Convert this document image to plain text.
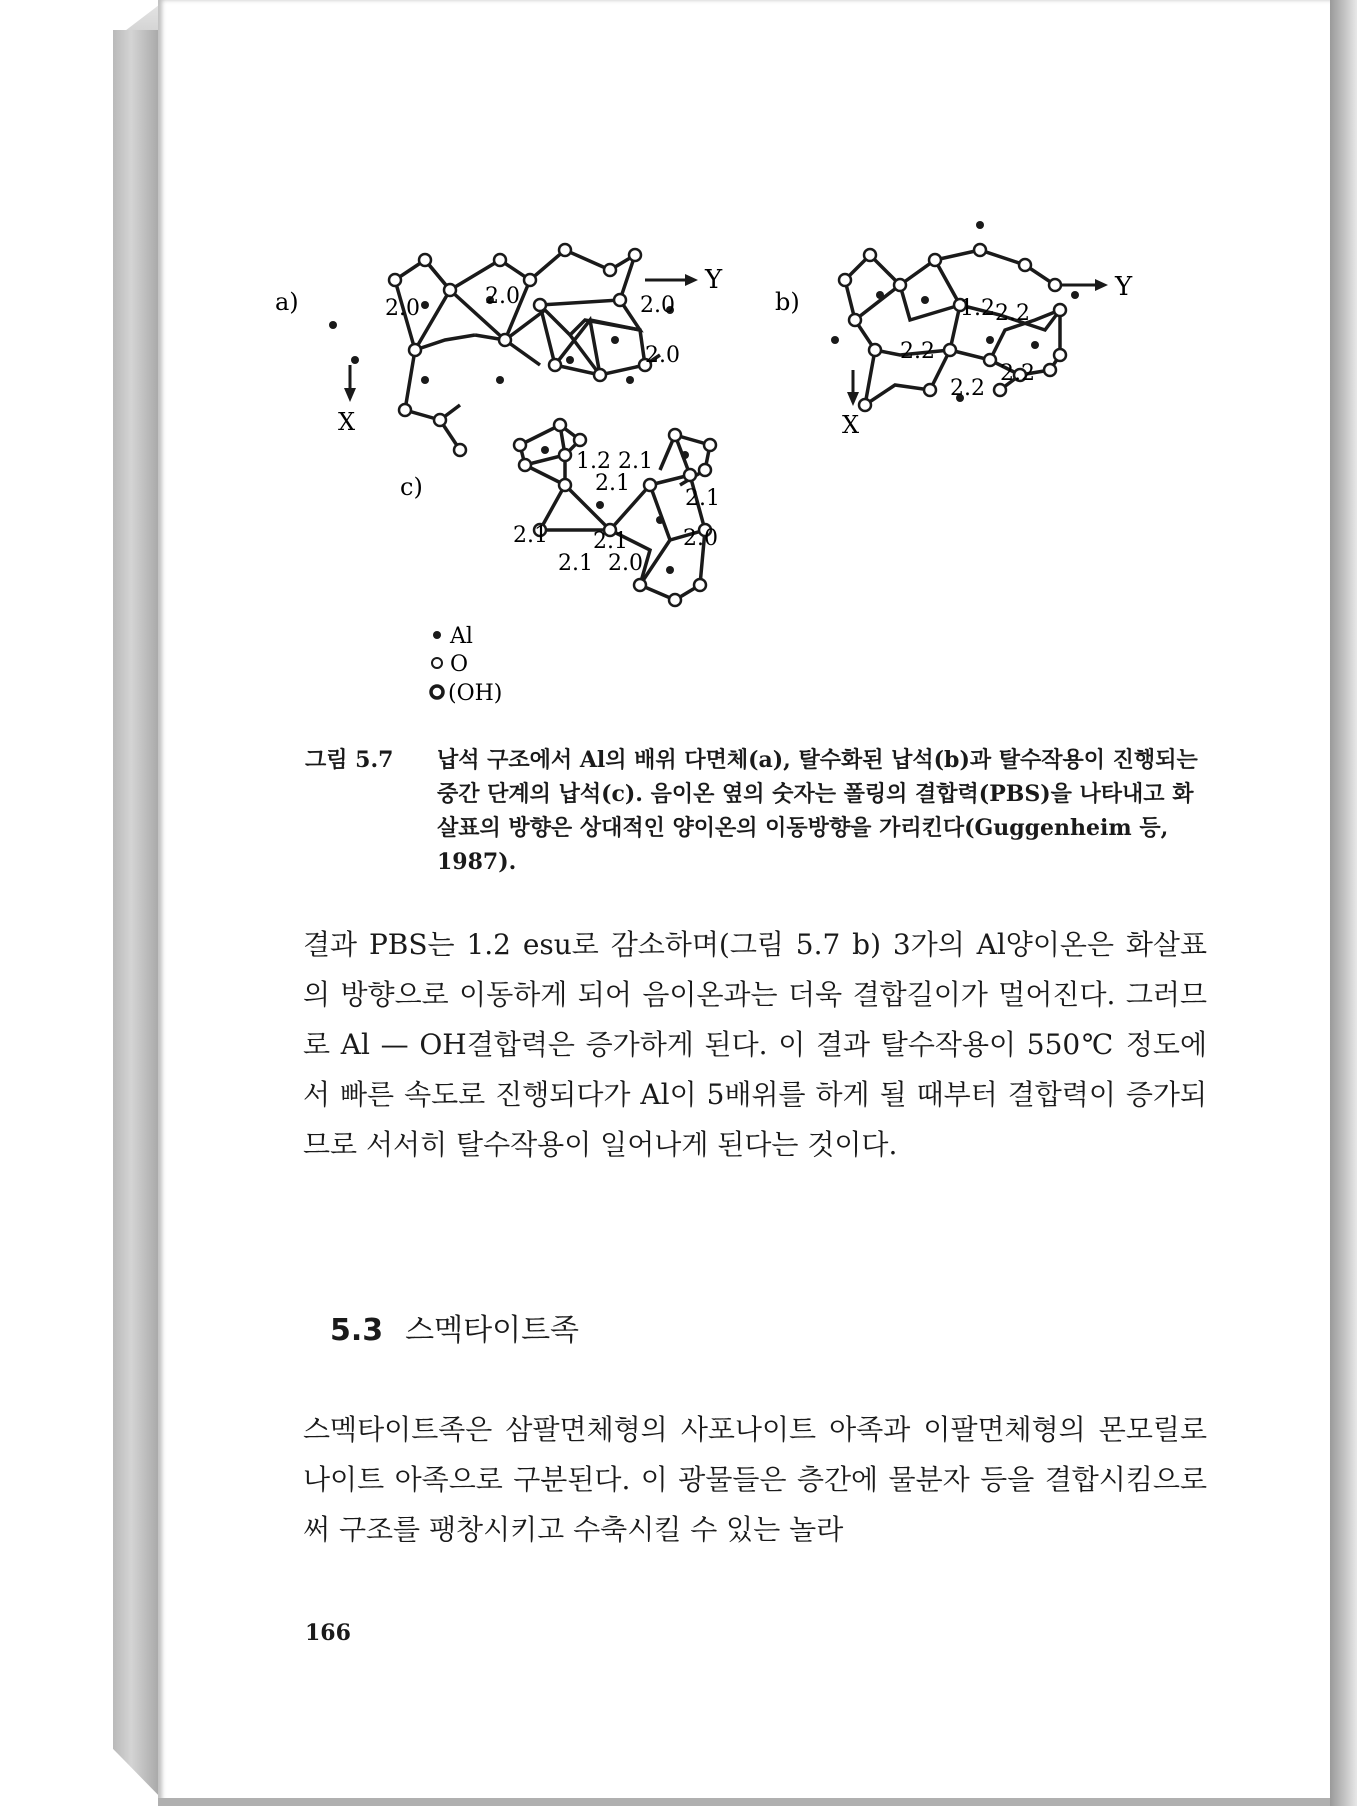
Y
X
a)	2.0	2.0	2.0
2.0
Y
X
b)	1.2 2.2
2.2
2.2
2.2
c)
1.2 2.1
2.1
2.1
2.1 2.1	2.0
2.1 2.0
Al
O
(OH)
그림 5.7 납석 구조에서 Al의 배위 다면체(a), 탈수화된 납석(b)과 탈수작용이 진행되는 중간 단계의 납석(c). 음이온 옆의 숫자는 폴링의 결합력(PBS)을 나타내고 화살표의 방향은 상대적인 양이온의 이동방향을 가리킨다(Guggenheim 등, 1987).
결과 PBS는 1.2 esu로 감소하며(그림 5.7 b) 3가의 Al양이온은 화살표의 방향으로 이동하게 되어 음이온과는 더욱 결합길이가 멀어진다. 그러므로 Al — OH결합력은 증가하게 된다. 이 결과 탈수작용이 550℃ 정도에서 빠른 속도로 진행되다가 Al이 5배위를 하게 될 때부터 결합력이 증가되므로 서서히 탈수작용이 일어나게 된다는 것이다.
5.3 스멕타이트족
스멕타이트족은 삼팔면체형의 사포나이트 아족과 이팔면체형의 몬모릴로나이트 아족으로 구분된다. 이 광물들은 층간에 물분자 등을 결합시킴으로써 구조를 팽창시키고 수축시킬 수 있는 놀라
166
